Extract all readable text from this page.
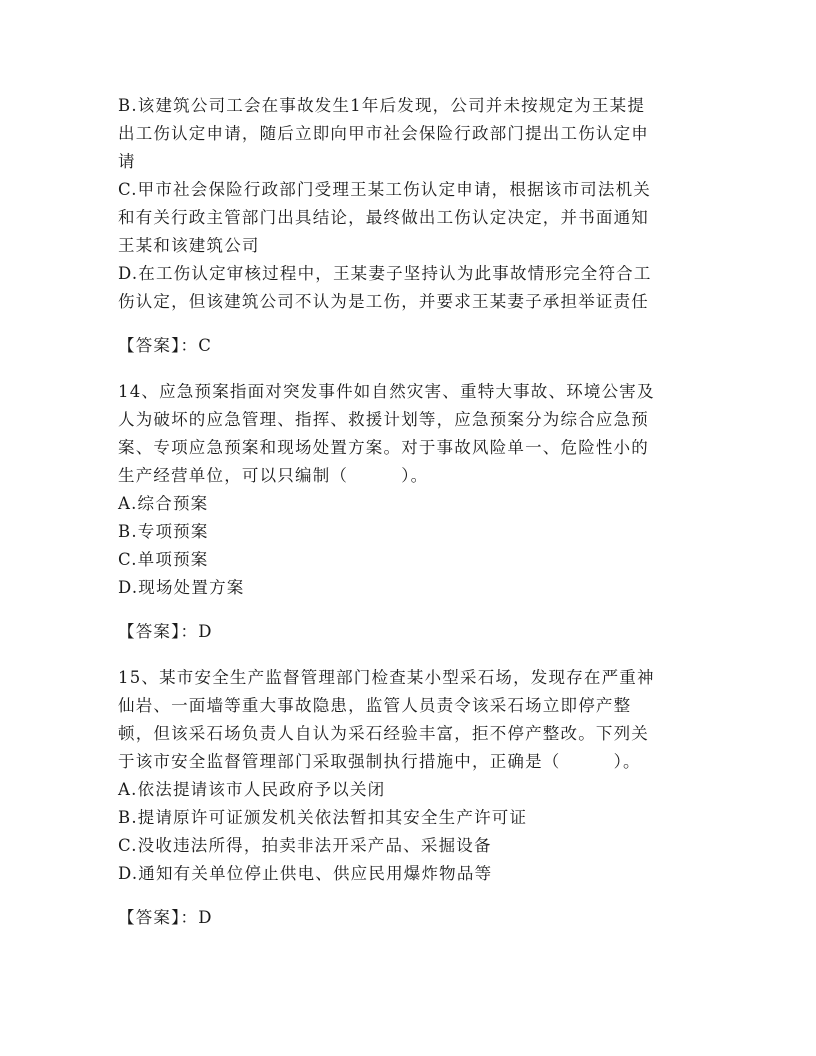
B.该建筑公司工会在事故发生1年后发现，公司并未按规定为王某提
出工伤认定申请，随后立即向甲市社会保险行政部门提出工伤认定申
请
C.甲市社会保险行政部门受理王某工伤认定申请，根据该市司法机关
和有关行政主管部门出具结论，最终做出工伤认定决定，并书面通知
王某和该建筑公司
D.在工伤认定审核过程中，王某妻子坚持认为此事故情形完全符合工
伤认定，但该建筑公司不认为是工伤，并要求王某妻子承担举证责任
【答案】：C
14、应急预案指面对突发事件如自然灾害、重特大事故、环境公害及
人为破坏的应急管理、指挥、救援计划等，应急预案分为综合应急预
案、专项应急预案和现场处置方案。对于事故风险单一、危险性小的
生产经营单位，可以只编制（　　　）。
A.综合预案
B.专项预案
C.单项预案
D.现场处置方案
【答案】：D
15、某市安全生产监督管理部门检查某小型采石场，发现存在严重神
仙岩、一面墙等重大事故隐患，监管人员责令该采石场立即停产整
顿，但该采石场负责人自认为采石经验丰富，拒不停产整改。下列关
于该市安全监督管理部门采取强制执行措施中，正确是（　　　）。
A.依法提请该市人民政府予以关闭
B.提请原许可证颁发机关依法暂扣其安全生产许可证
C.没收违法所得，拍卖非法开采产品、采掘设备
D.通知有关单位停止供电、供应民用爆炸物品等
【答案】：D
